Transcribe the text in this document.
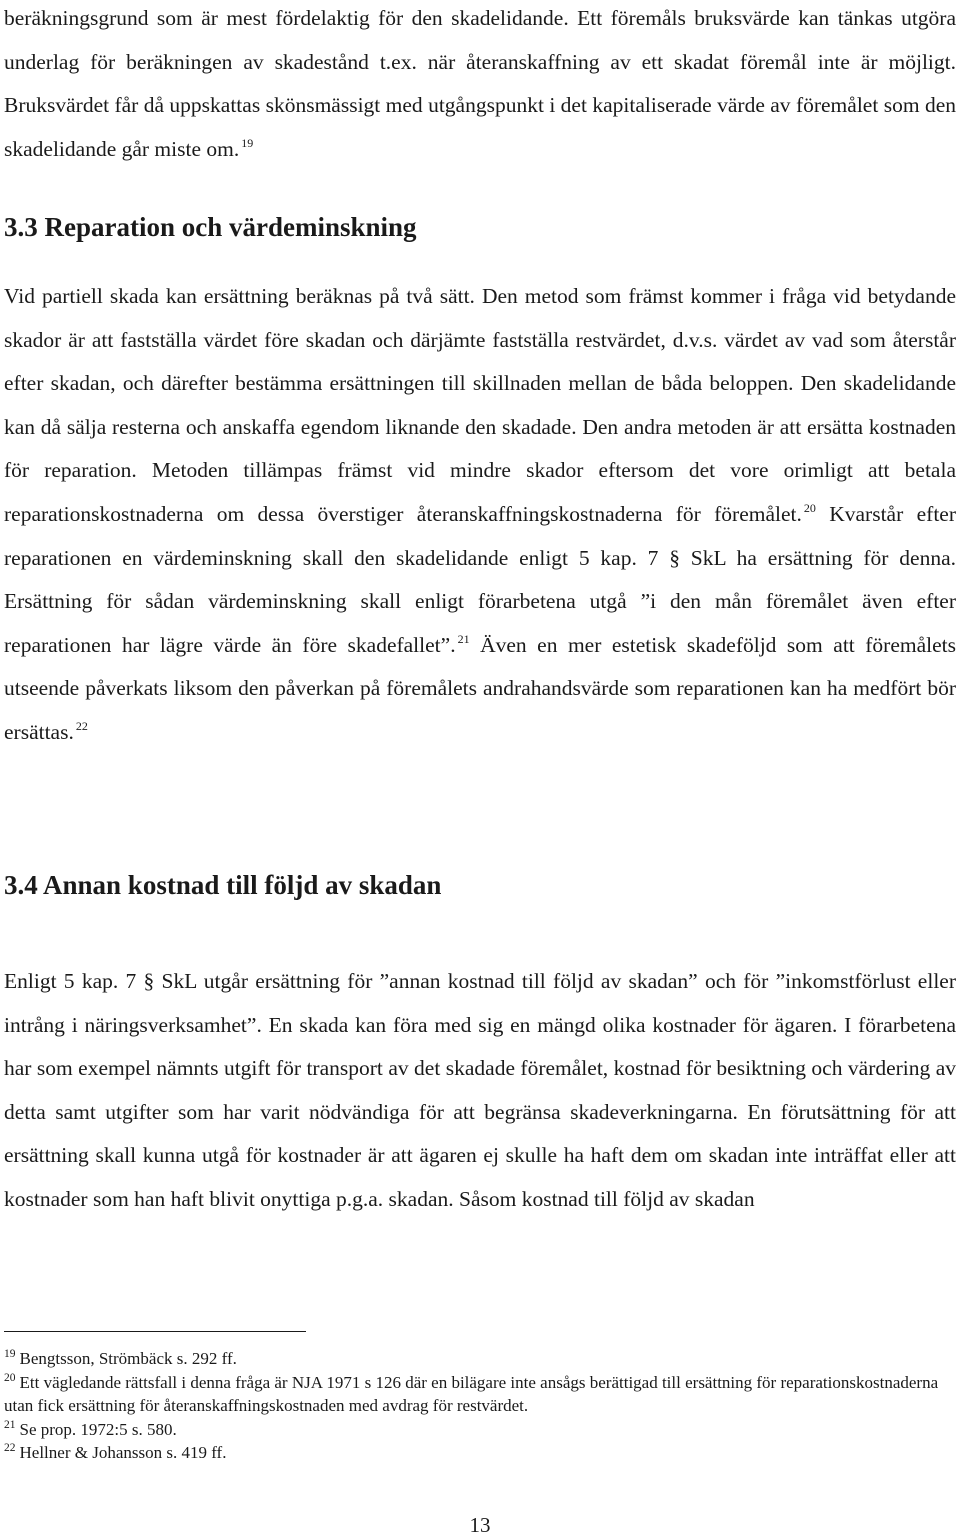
beräkningsgrund som är mest fördelaktig för den skadelidande. Ett föremåls bruksvärde kan tänkas utgöra underlag för beräkningen av skadestånd t.ex. när återanskaffning av ett skadat föremål inte är möjligt. Bruksvärdet får då uppskattas skönsmässigt med utgångspunkt i det kapitaliserade värde av föremålet som den skadelidande går miste om. $^{19}$

3.3 Reparation och värdeminskning

Vid partiell skada kan ersättning beräknas på två sätt. Den metod som främst kommer i fråga vid betydande skador är att fastställa värdet före skadan och därjämte fastställa restvärdet, d.v.s. värdet av vad som återstår efter skadan, och därefter bestämma ersättningen till skillnaden mellan de båda beloppen. Den skadelidande kan då sälja resterna och anskaffa egendom liknande den skadade. Den andra metoden är att ersätta kostnaden för reparation. Metoden tillämpas främst vid mindre skador eftersom det vore orimligt att betala reparationskostnaderna om dessa överstiger återanskaffningskostnaderna för föremålet. $^{20}$ Kvarstår efter reparationen en värdeminskning skall den skadelidande enligt 5 kap. 7 § SkL ha ersättning för denna. Ersättning för sådan värdeminskning skall enligt förarbetena utgå ”i den mån föremålet även efter reparationen har lägre värde än före skadefallet”. $^{21}$ Även en mer estetisk skadeföljd som att föremålets utseende påverkats liksom den påverkan på föremålets andrahandsvärde som reparationen kan ha medfört bör ersättas. $^{22}$

3.4 Annan kostnad till följd av skadan

Enligt 5 kap. 7 § SkL utgår ersättning för ”annan kostnad till följd av skadan” och för ”inkomstförlust eller intrång i näringsverksamhet”. En skada kan föra med sig en mängd olika kostnader för ägaren. I förarbetena har som exempel nämnts utgift för transport av det skadade föremålet, kostnad för besiktning och värdering av detta samt utgifter som har varit nödvändiga för att begränsa skadeverkningarna. En förutsättning för att ersättning skall kunna utgå för kostnader är att ägaren ej skulle ha haft dem om skadan inte inträffat eller att kostnader som han haft blivit onyttiga p.g.a. skadan. Såsom kostnad till följd av skadan

$^{19}$ Bengtsson, Strömbäck s. 292 ff.

$^{20}$ Ett vägledande rättsfall i denna fråga är NJA 1971 s 126 där en bilägare inte ansågs berättigad till ersättning för reparationskostnaderna utan fick ersättning för återanskaffningskostnaden med avdrag för restvärdet.

$^{21}$ Se prop. 1972:5 s. 580.

$^{22}$ Hellner & Johansson s. 419 ff.

13
